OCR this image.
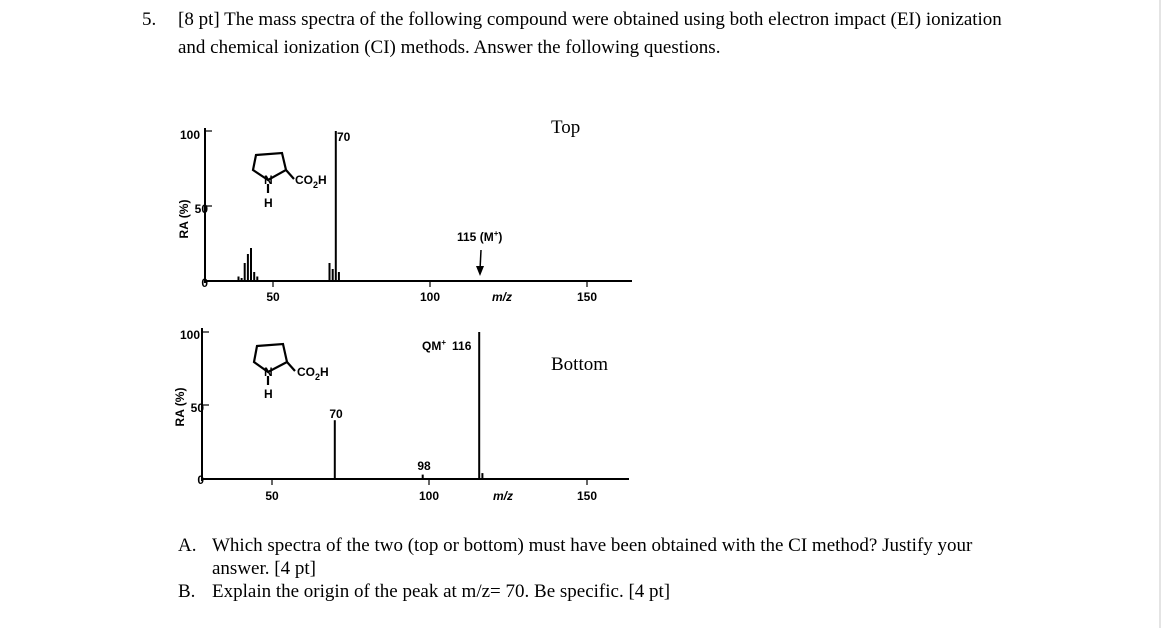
5. [8 pt] The mass spectra of the following compound were obtained using both electron impact (EI) ionization
and chemical ionization (CI) methods. Answer the following questions.
Top
RA (%)
100
50
0
50	100	150
m/z
70
115 (M+)
N
H
$CO_2H$
Bottom
RA (%)
100
50
0
50	100	150
m/z
70
98
QM+ 116
N
H
$CO_2H$
A. Which spectra of the two (top or bottom) must have been obtained with the CI method? Justify your
answer. [4 pt]
B. Explain the origin of the peak at m/z= 70. Be specific. [4 pt]
